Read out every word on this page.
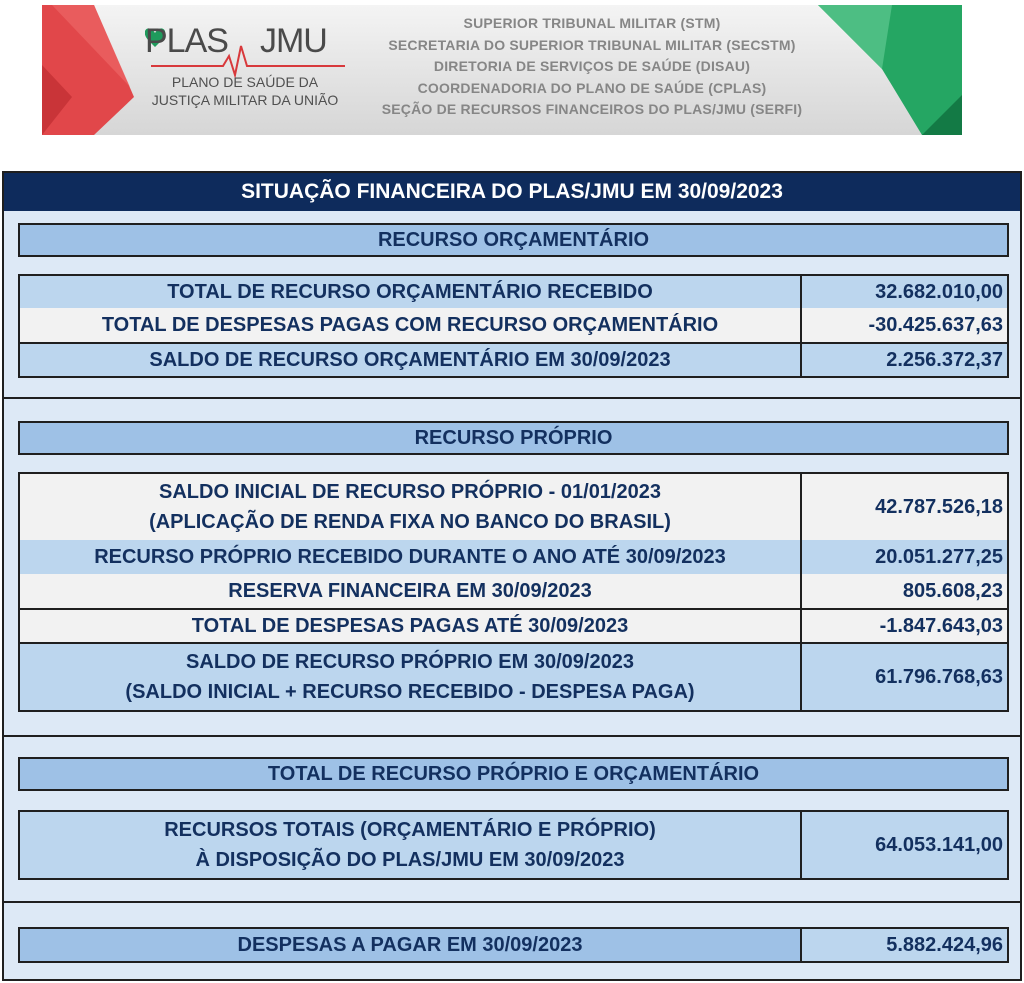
PLAS JMU
PLANO DE SAÚDE DA
JUSTIÇA MILITAR DA UNIÃO
SUPERIOR TRIBUNAL MILITAR (STM)
SECRETARIA DO SUPERIOR TRIBUNAL MILITAR (SECSTM)
DIRETORIA DE SERVIÇOS DE SAÚDE (DISAU)
COORDENADORIA DO PLANO DE SAÚDE (CPLAS)
SEÇÃO DE RECURSOS FINANCEIROS DO PLAS/JMU (SERFI)
SITUAÇÃO FINANCEIRA DO PLAS/JMU EM 30/09/2023
RECURSO ORÇAMENTÁRIO
TOTAL DE RECURSO ORÇAMENTÁRIO RECEBIDO	32.682.010,00
TOTAL DE DESPESAS PAGAS COM RECURSO ORÇAMENTÁRIO	-30.425.637,63
SALDO DE RECURSO ORÇAMENTÁRIO EM 30/09/2023	2.256.372,37
RECURSO PRÓPRIO
SALDO INICIAL DE RECURSO PRÓPRIO - 01/01/2023
(APLICAÇÃO DE RENDA FIXA NO BANCO DO BRASIL)
42.787.526,18
RECURSO PRÓPRIO RECEBIDO DURANTE O ANO ATÉ 30/09/2023	20.051.277,25
RESERVA FINANCEIRA EM 30/09/2023	805.608,23
TOTAL DE DESPESAS PAGAS ATÉ 30/09/2023	-1.847.643,03
SALDO DE RECURSO PRÓPRIO EM 30/09/2023
(SALDO INICIAL + RECURSO RECEBIDO - DESPESA PAGA)
61.796.768,63
TOTAL DE RECURSO PRÓPRIO E ORÇAMENTÁRIO
RECURSOS TOTAIS (ORÇAMENTÁRIO E PRÓPRIO)
À DISPOSIÇÃO DO PLAS/JMU EM 30/09/2023
64.053.141,00
DESPESAS A PAGAR EM 30/09/2023	5.882.424,96
